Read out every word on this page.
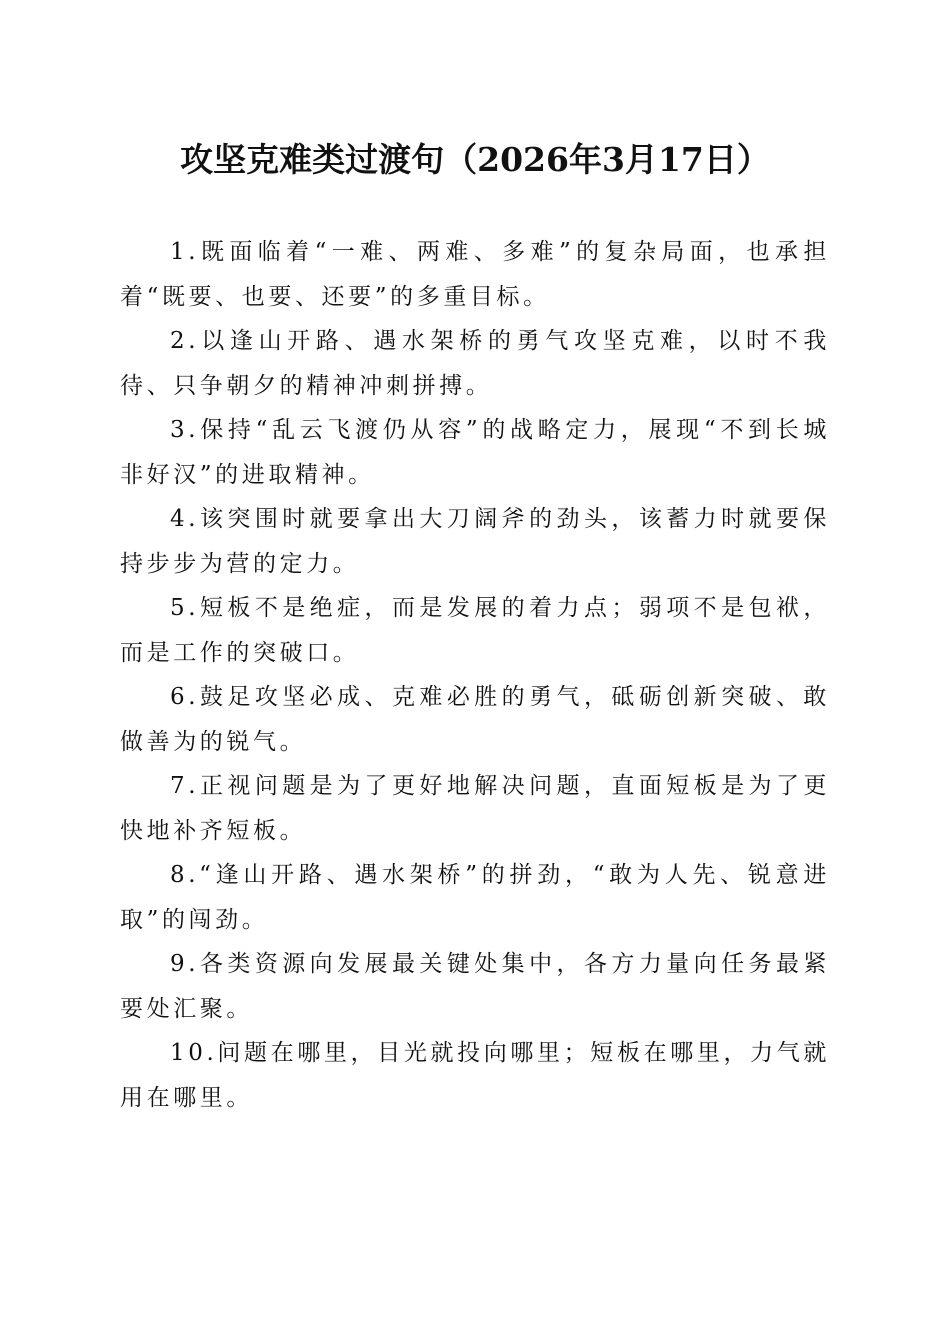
攻坚克难类过渡句（2026年3月17日）

1.既面临着“一难、两难、多难”的复杂局面，也承担着“既要、也要、还要”的多重目标。

2.以逢山开路、遇水架桥的勇气攻坚克难，以时不我待、只争朝夕的精神冲刺拼搏。

3.保持“乱云飞渡仍从容”的战略定力，展现“不到长城非好汉”的进取精神。

4.该突围时就要拿出大刀阔斧的劲头，该蓄力时就要保持步步为营的定力。

5.短板不是绝症，而是发展的着力点；弱项不是包袱，而是工作的突破口。

6.鼓足攻坚必成、克难必胜的勇气，砥砺创新突破、敢做善为的锐气。

7.正视问题是为了更好地解决问题，直面短板是为了更快地补齐短板。

8.“逢山开路、遇水架桥”的拼劲，“敢为人先、锐意进取”的闯劲。

9.各类资源向发展最关键处集中，各方力量向任务最紧要处汇聚。

10.问题在哪里，目光就投向哪里；短板在哪里，力气就用在哪里。
